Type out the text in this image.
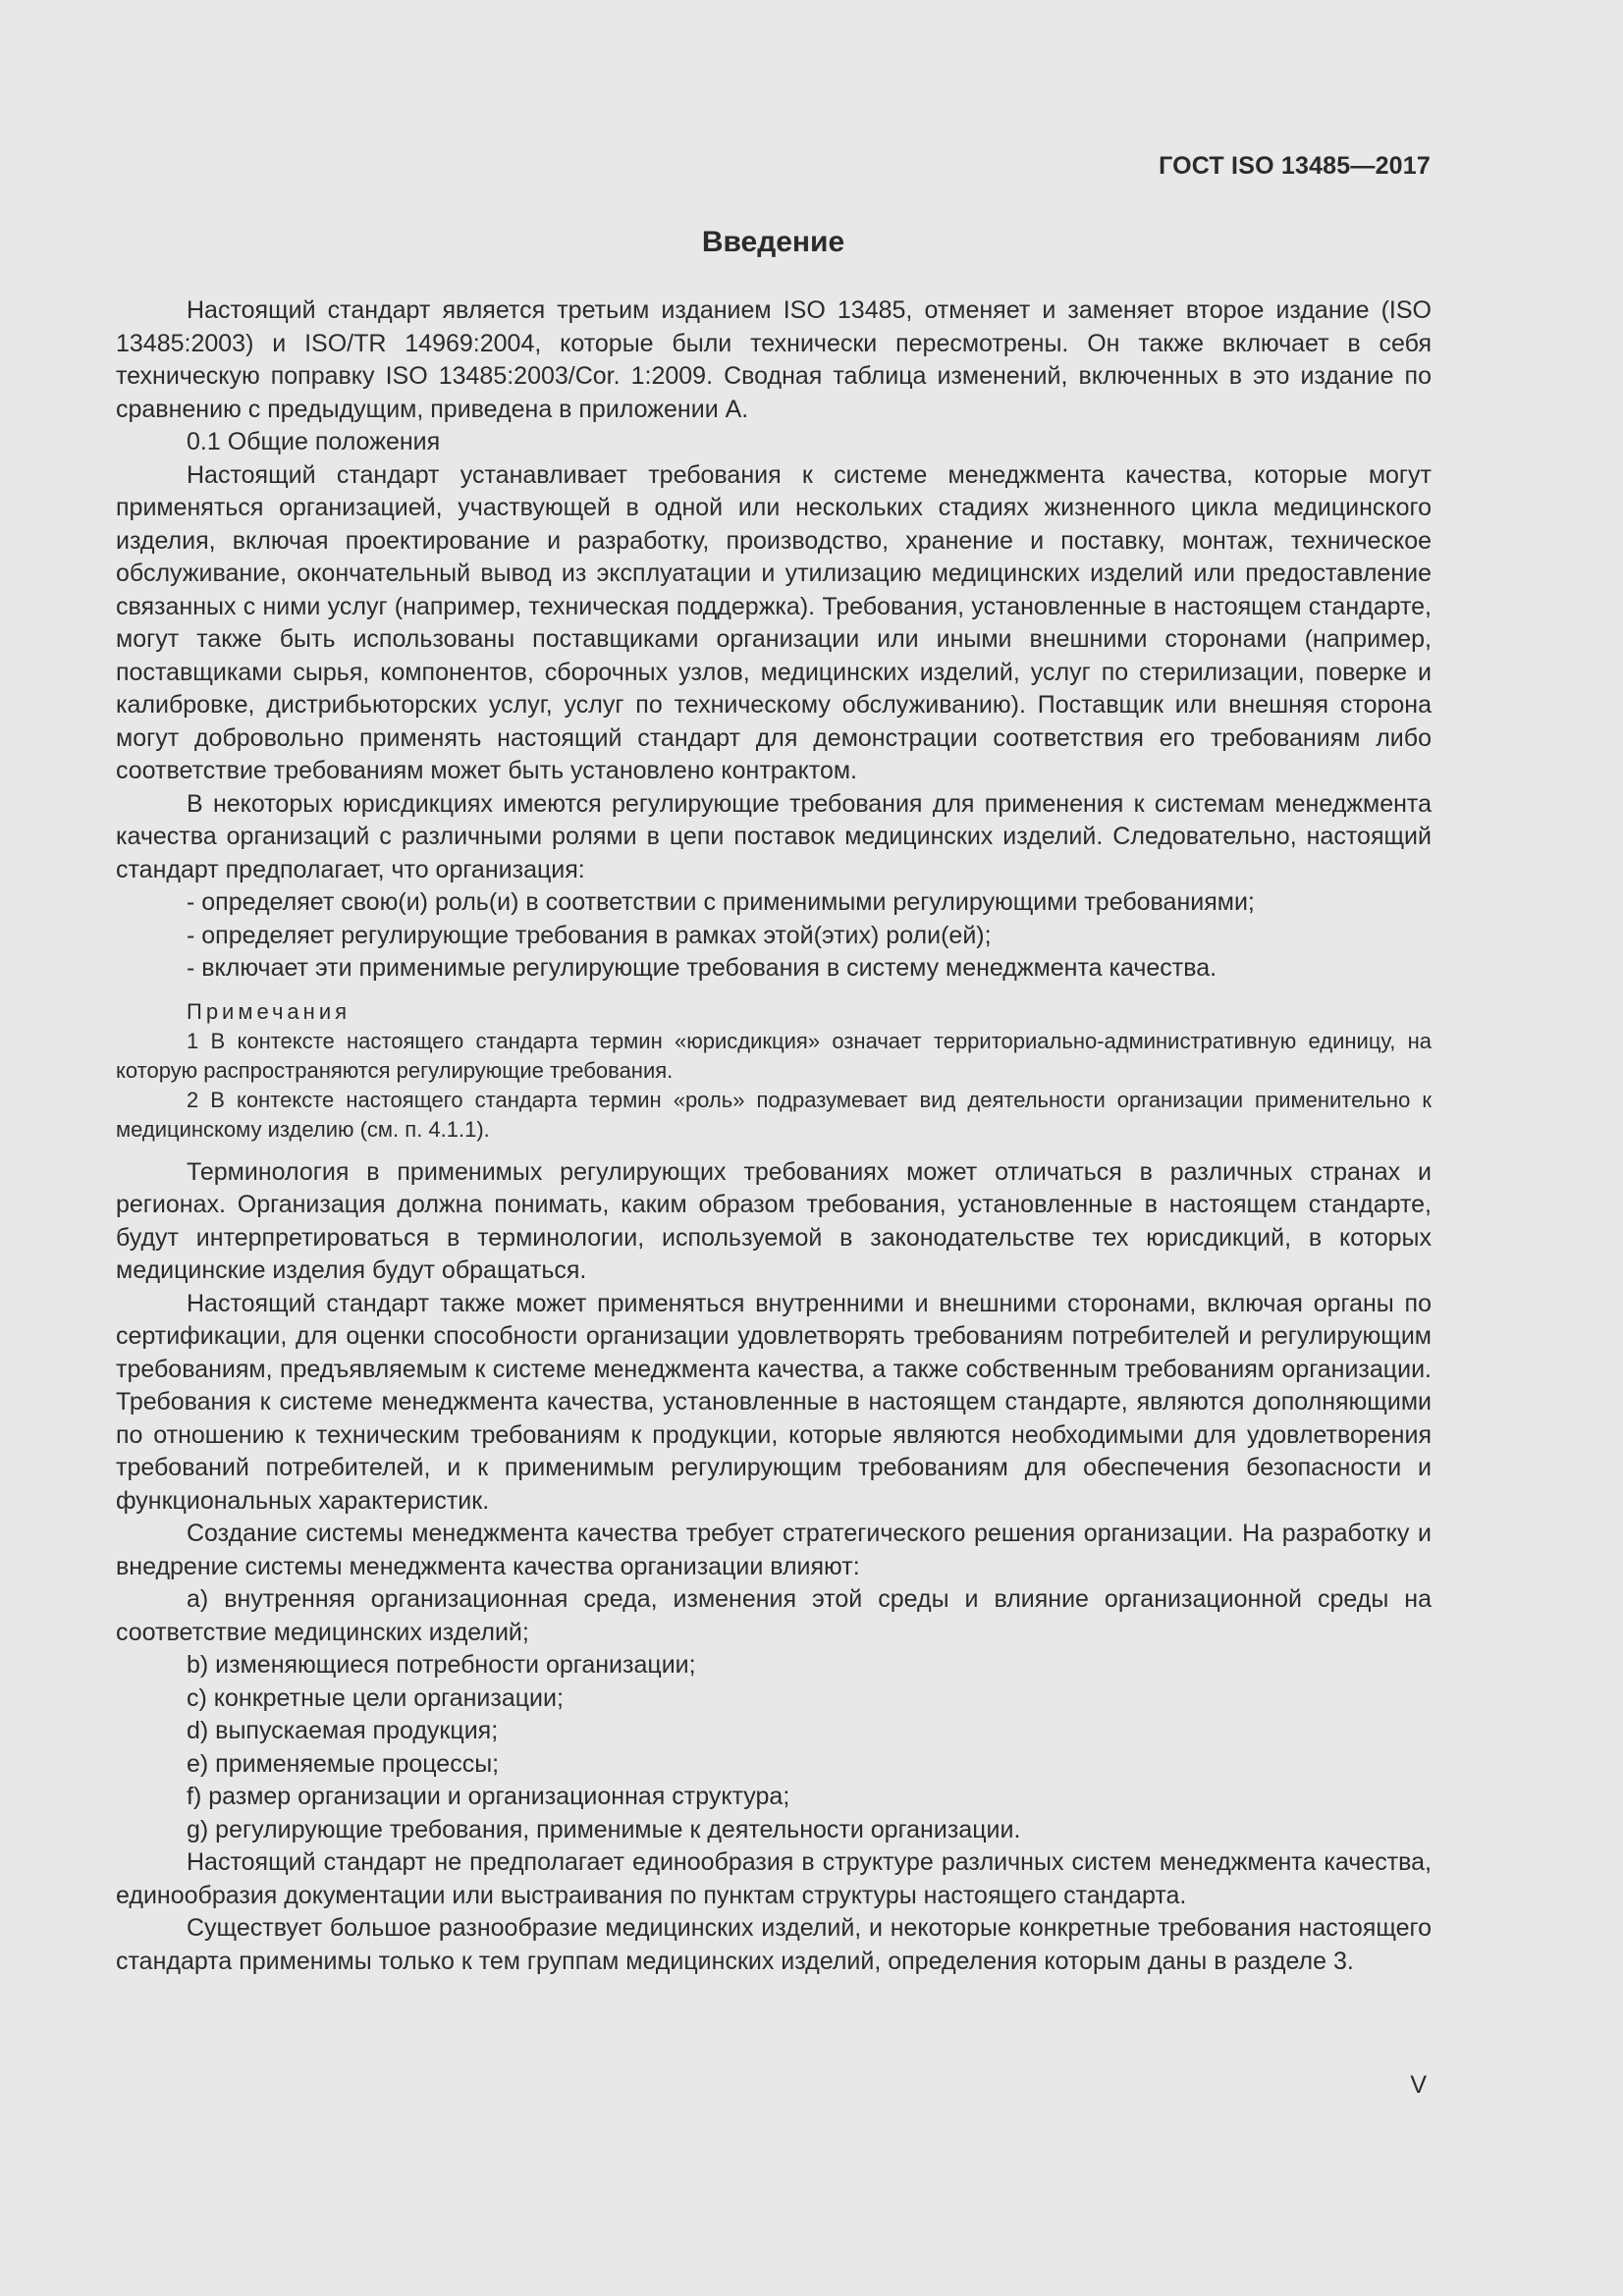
ГОСТ ISO 13485—2017
Введение

Настоящий стандарт является третьим изданием ISO 13485, отменяет и заменяет второе издание (ISO 13485:2003) и ISO/TR 14969:2004, которые были технически пересмотрены. Он также включает в себя техническую поправку ISO 13485:2003/Cor. 1:2009. Сводная таблица изменений, включенных в это издание по сравнению с предыдущим, приведена в приложении А.

0.1 Общие положения

Настоящий стандарт устанавливает требования к системе менеджмента качества, которые могут применяться организацией, участвующей в одной или нескольких стадиях жизненного цикла медицинского изделия, включая проектирование и разработку, производство, хранение и поставку, монтаж, техническое обслуживание, окончательный вывод из эксплуатации и утилизацию медицинских изделий или предоставление связанных с ними услуг (например, техническая поддержка). Требования, установленные в настоящем стандарте, могут также быть использованы поставщиками организации или иными внешними сторонами (например, поставщиками сырья, компонентов, сборочных узлов, медицинских изделий, услуг по стерилизации, поверке и калибровке, дистрибьюторских услуг, услуг по техническому обслуживанию). Поставщик или внешняя сторона могут добровольно применять настоящий стандарт для демонстрации соответствия его требованиям либо соответствие требованиям может быть установлено контрактом.

В некоторых юрисдикциях имеются регулирующие требования для применения к системам менеджмента качества организаций с различными ролями в цепи поставок медицинских изделий. Следовательно, настоящий стандарт предполагает, что организация:

- определяет свою(и) роль(и) в соответствии с применимыми регулирующими требованиями;

- определяет регулирующие требования в рамках этой(этих) роли(ей);

- включает эти применимые регулирующие требования в систему менеджмента качества.

Примечания

1 В контексте настоящего стандарта термин «юрисдикция» означает территориально-административную единицу, на которую распространяются регулирующие требования.

2 В контексте настоящего стандарта термин «роль» подразумевает вид деятельности организации применительно к медицинскому изделию (см. п. 4.1.1).

Терминология в применимых регулирующих требованиях может отличаться в различных странах и регионах. Организация должна понимать, каким образом требования, установленные в настоящем стандарте, будут интерпретироваться в терминологии, используемой в законодательстве тех юрисдикций, в которых медицинские изделия будут обращаться.

Настоящий стандарт также может применяться внутренними и внешними сторонами, включая органы по сертификации, для оценки способности организации удовлетворять требованиям потребителей и регулирующим требованиям, предъявляемым к системе менеджмента качества, а также собственным требованиям организации. Требования к системе менеджмента качества, установленные в настоящем стандарте, являются дополняющими по отношению к техническим требованиям к продукции, которые являются необходимыми для удовлетворения требований потребителей, и к применимым регулирующим требованиям для обеспечения безопасности и функциональных характеристик.

Создание системы менеджмента качества требует стратегического решения организации. На разработку и внедрение системы менеджмента качества организации влияют:

a) внутренняя организационная среда, изменения этой среды и влияние организационной среды на соответствие медицинских изделий;

b) изменяющиеся потребности организации;

c) конкретные цели организации;

d) выпускаемая продукция;

e) применяемые процессы;

f) размер организации и организационная структура;

g) регулирующие требования, применимые к деятельности организации.

Настоящий стандарт не предполагает единообразия в структуре различных систем менеджмента качества, единообразия документации или выстраивания по пунктам структуры настоящего стандарта.

Существует большое разнообразие медицинских изделий, и некоторые конкретные требования настоящего стандарта применимы только к тем группам медицинских изделий, определения которым даны в разделе 3.

V
